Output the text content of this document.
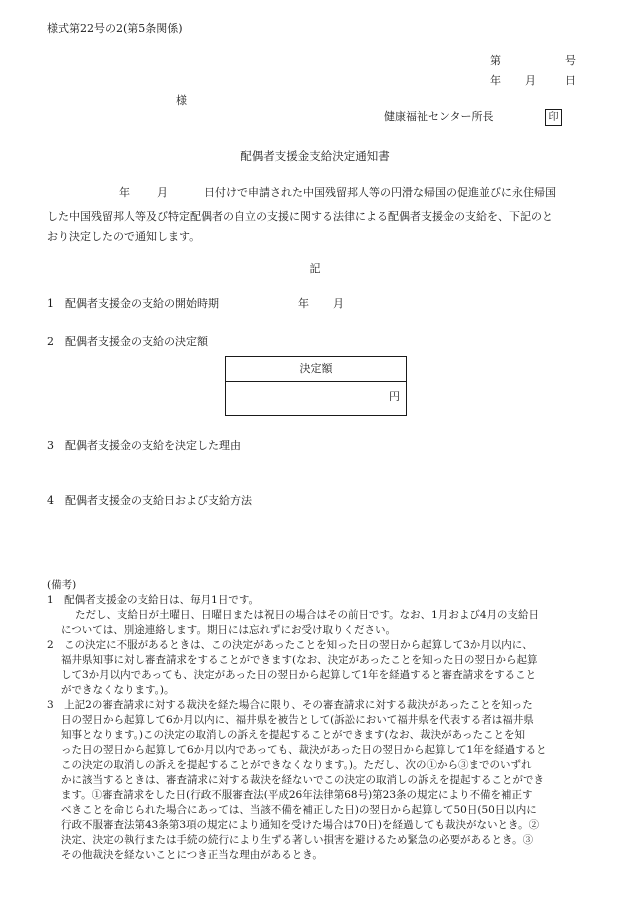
様式第22号の2(第5条関係)
第	号
年 月	日
様
健康福祉センター所長	印
配偶者支援金支給決定通知書
年 月	日付けで申請された中国残留邦人等の円滑な帰国の促進並びに永住帰国

した中国残留邦人等及び特定配偶者の自立の支援に関する法律による配偶者支援金の支給を、下記のと

おり決定したので通知します。

記
1　配偶者支援金の支給の開始時期	年 月
2　配偶者支援金の支給の決定額
決定額
円
3　配偶者支援金の支給を決定した理由
4　配偶者支援金の支給日および支給方法

(備考)

1　配偶者支援金の支給日は、毎月1日です。

ただし、支給日が土曜日、日曜日または祝日の場合はその前日です。なお、1月および4月の支給日

については、別途連絡します。期日には忘れずにお受け取りください。

2　この決定に不服があるときは、この決定があったことを知った日の翌日から起算して3か月以内に、

福井県知事に対し審査請求をすることができます(なお、決定があったことを知った日の翌日から起算

して3か月以内であっても、決定があった日の翌日から起算して1年を経過すると審査請求をすること

ができなくなります。)。

3　上記2の審査請求に対する裁決を経た場合に限り、その審査請求に対する裁決があったことを知った

日の翌日から起算して6か月以内に、福井県を被告として(訴訟において福井県を代表する者は福井県

知事となります。)この決定の取消しの訴えを提起することができます(なお、裁決があったことを知

った日の翌日から起算して6か月以内であっても、裁決があった日の翌日から起算して1年を経過すると

この決定の取消しの訴えを提起することができなくなります。)。ただし、次の①から③までのいずれ

かに該当するときは、審査請求に対する裁決を経ないでこの決定の取消しの訴えを提起することができ

ます。①審査請求をした日(行政不服審査法(平成26年法律第68号)第23条の規定により不備を補正す

べきことを命じられた場合にあっては、当該不備を補正した日)の翌日から起算して50日(50日以内に

行政不服審査法第43条第3項の規定により通知を受けた場合は70日)を経過しても裁決がないとき。②

決定、決定の執行または手続の続行により生ずる著しい損害を避けるため緊急の必要があるとき。③

その他裁決を経ないことにつき正当な理由があるとき。
